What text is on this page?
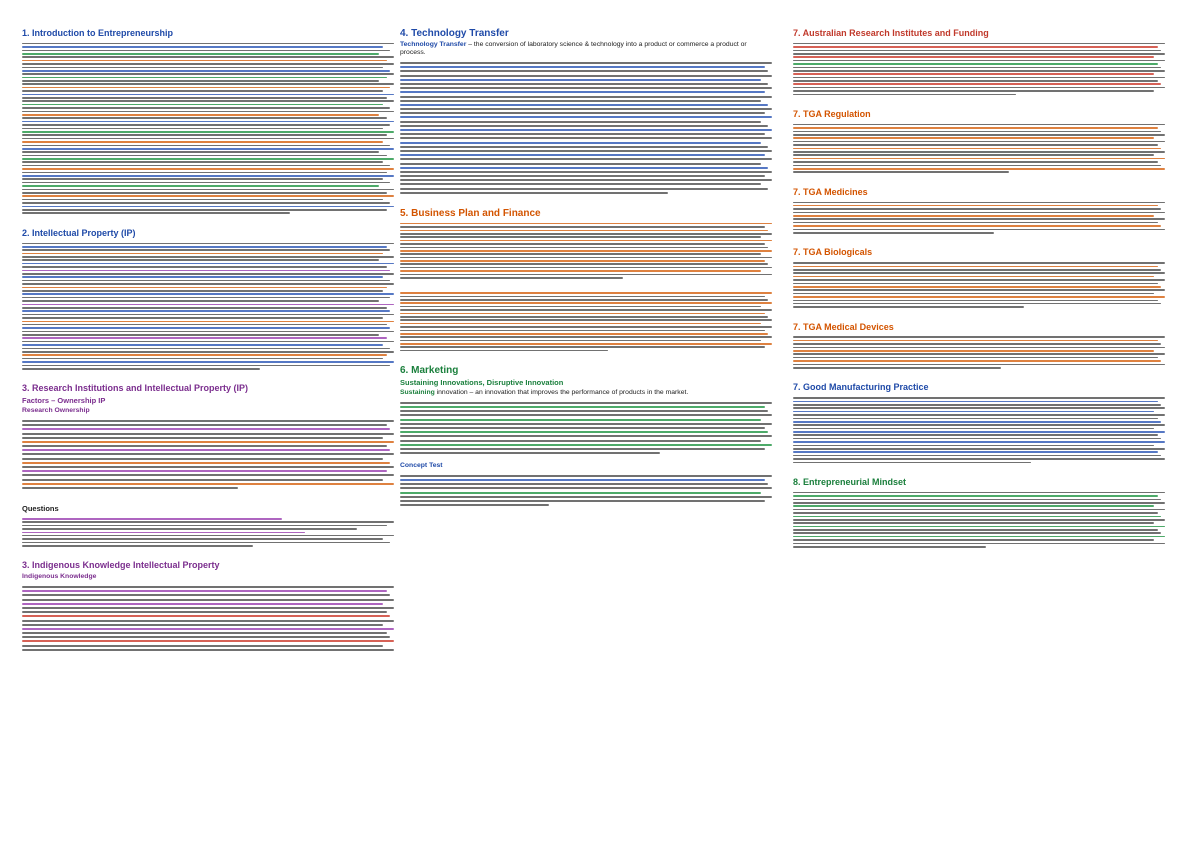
1. Introduction to Entrepreneurship
2. Intellectual Property (IP)
3. Research Institutions and Intellectual Property (IP)
Factors – Ownership IP
Research Ownership
Questions
3. Indigenous Knowledge Intellectual Property
Indigenous Knowledge
4. Technology Transfer
Technology Transfer – the conversion of laboratory science & technology into a product or commerce a product or process.
5. Business Plan and Finance
6. Marketing
Sustaining Innovations, Disruptive Innovation
Sustaining innovation – an innovation that improves the performance of products in the market.
Concept Test
7. Australian Research Institutes and Funding
7. TGA Regulation
7. TGA Medicines
7. TGA Biologicals
7. TGA Medical Devices
7. Good Manufacturing Practice
8. Entrepreneurial Mindset
